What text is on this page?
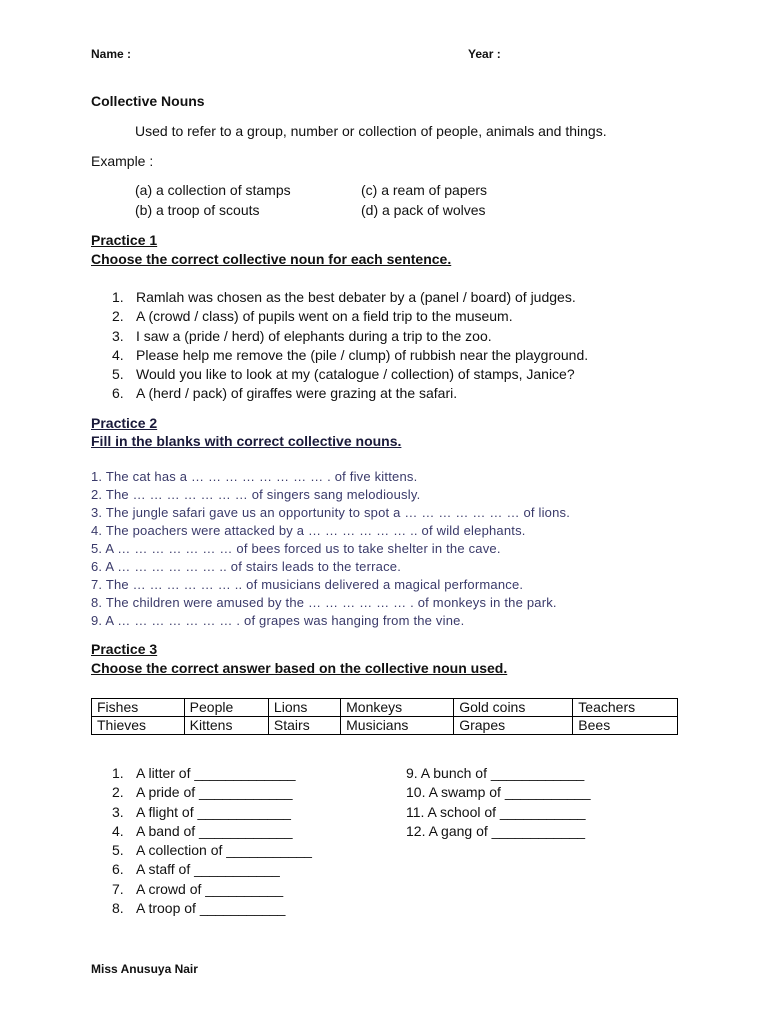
Name :	Year :
Collective Nouns
Used to refer to a group, number or collection of people, animals and things.
Example :
(a) a collection of stamps
(b) a troop of scouts
(c) a ream of papers
(d) a pack of wolves
Practice 1
Choose the correct collective noun for each sentence.
1. Ramlah was chosen as the best debater by a (panel / board) of judges.
2. A (crowd / class) of pupils went on a field trip to the museum.
3. I saw a (pride / herd) of elephants during a trip to the zoo.
4. Please help me remove the (pile / clump) of rubbish near the playground.
5. Would you like to look at my (catalogue / collection) of stamps, Janice?
6. A (herd / pack) of giraffes were grazing at the safari.
Practice 2
Fill in the blanks with correct collective nouns.
1. The cat has a … … … … … … … … . of five kittens.
2. The … … … … … … … of singers sang melodiously.
3. The jungle safari gave us an opportunity to spot a … … … … … … … of lions.
4. The poachers were attacked by a … … … … … … .. of wild elephants.
5. A … … … … … … … of bees forced us to take shelter in the cave.
6. A … … … … … … .. of stairs leads to the terrace.
7. The … … … … … … .. of musicians delivered a magical performance.
8. The children were amused by the … … … … … … . of monkeys in the park.
9. A … … … … … … … . of grapes was hanging from the vine.
Practice 3
Choose the correct answer based on the collective noun used.
Fishes	People	Lions	Monkeys	Gold coins	Teachers
Thieves	Kittens	Stairs	Musicians	Grapes	Bees
1. A litter of _____________
2. A pride of ____________
3. A flight of ____________
4. A band of ____________
5. A collection of ___________
6. A staff of ___________
7. A crowd of __________
8. A troop of ___________
9. A bunch of ____________
10. A swamp of ___________
11. A school of ___________
12. A gang of ____________
Miss Anusuya Nair
